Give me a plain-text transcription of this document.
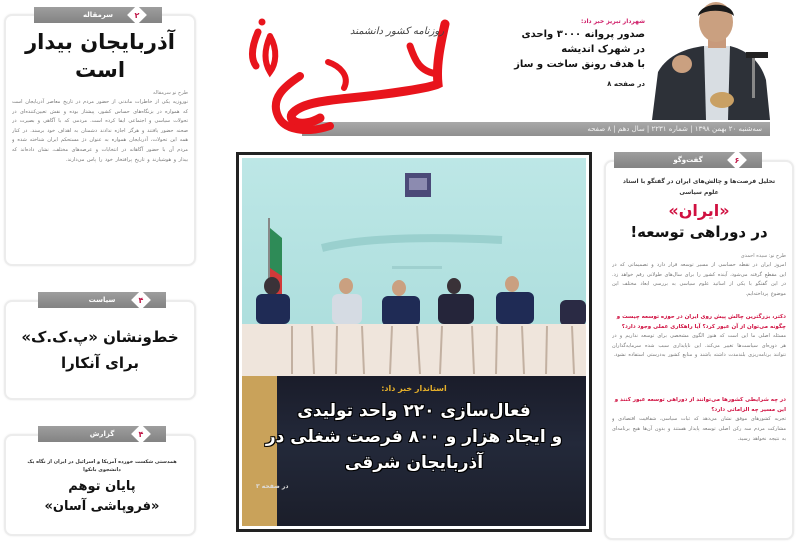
سه‌شنبه ۲۰ بهمن ۱۳۹۸ | شماره ۲۲۳۱ | سال دهم | ۸ صفحه
روزنامه کشور دانشمند
شهردار تبریز خبر داد:
صدور پروانه ۳۰۰۰ واحدی
در شهرک اندیشه
با هدف رونق ساخت و ساز
در صفحه ۸
سرمقاله	۲
آذربایجان بیدار
است
طرح نو سرمقاله
نوروزیه یکی از خاطرات ماندنی از حضور مردم در تاریخ معاصر آذربایجان است که همواره در بزنگاه‌های حساس کشور، پیشتاز بوده و نقش تعیین‌کننده‌ای در تحولات سیاسی و اجتماعی ایفا کرده است. مردمی که با آگاهی و بصیرت در صحنه حضور یافتند و هرگز اجازه ندادند دشمنان به اهداف خود برسند. در کنار همه این تحولات، آذربایجان همواره به عنوان دژ مستحکم ایران شناخته شده و مردم آن با حضور آگاهانه در انتخابات و عرصه‌های مختلف، نشان داده‌اند که بیدار و هوشیارند و تاریخ پرافتخار خود را پاس می‌دارند.
سیاست	۴
خط‌ونشان «پ.ک.ک»
برای آنکارا
گزارش	۴
همدستی شکست خورده آمریکا و اسرائیل در ایران از نگاه یک دانشجوی بانکوا
پایان توهم
«فروپاشی آسان»
استاندار خبر داد:
فعال‌سازی ۲۲۰ واحد تولیدی
و ایجاد هزار و ۸۰۰ فرصت شغلی در
آذربایجان شرقی
در صفحه ۳
گفت‌وگو	۶
تحلیل فرصت‌ها و چالش‌های ایران در گفتگو با استاد علوم سیاسی
«ایران»
در دوراهی توسعه!
طرح نو: سیده احمدی
امروز ایران در نقطه حساسی از مسیر توسعه قرار دارد و تصمیماتی که در این مقطع گرفته می‌شود، آینده کشور را برای سال‌های طولانی رقم خواهد زد. در این گفتگو با یکی از اساتید علوم سیاسی به بررسی ابعاد مختلف این موضوع پرداخته‌ایم.
دکتر، بزرگترین چالش پیش روی ایران در حوزه توسعه چیست و چگونه می‌توان از آن عبور کرد؟ آیا راهکاری عملی وجود دارد؟
مسئله اصلی ما این است که هنوز الگوی مشخصی برای توسعه نداریم و در هر دوره‌ای سیاست‌ها تغییر می‌کند. این ناپایداری سبب شده سرمایه‌گذاران نتوانند برنامه‌ریزی بلندمدت داشته باشند و منابع کشور به‌درستی استفاده نشود.
در چه شرایطی کشورها می‌توانند از دوراهی توسعه عبور کنند و این مسیر چه الزاماتی دارد؟
تجربه کشورهای موفق نشان می‌دهد که ثبات سیاسی، شفافیت اقتصادی و مشارکت مردم سه رکن اصلی توسعه پایدار هستند و بدون آن‌ها هیچ برنامه‌ای به نتیجه نخواهد رسید.
